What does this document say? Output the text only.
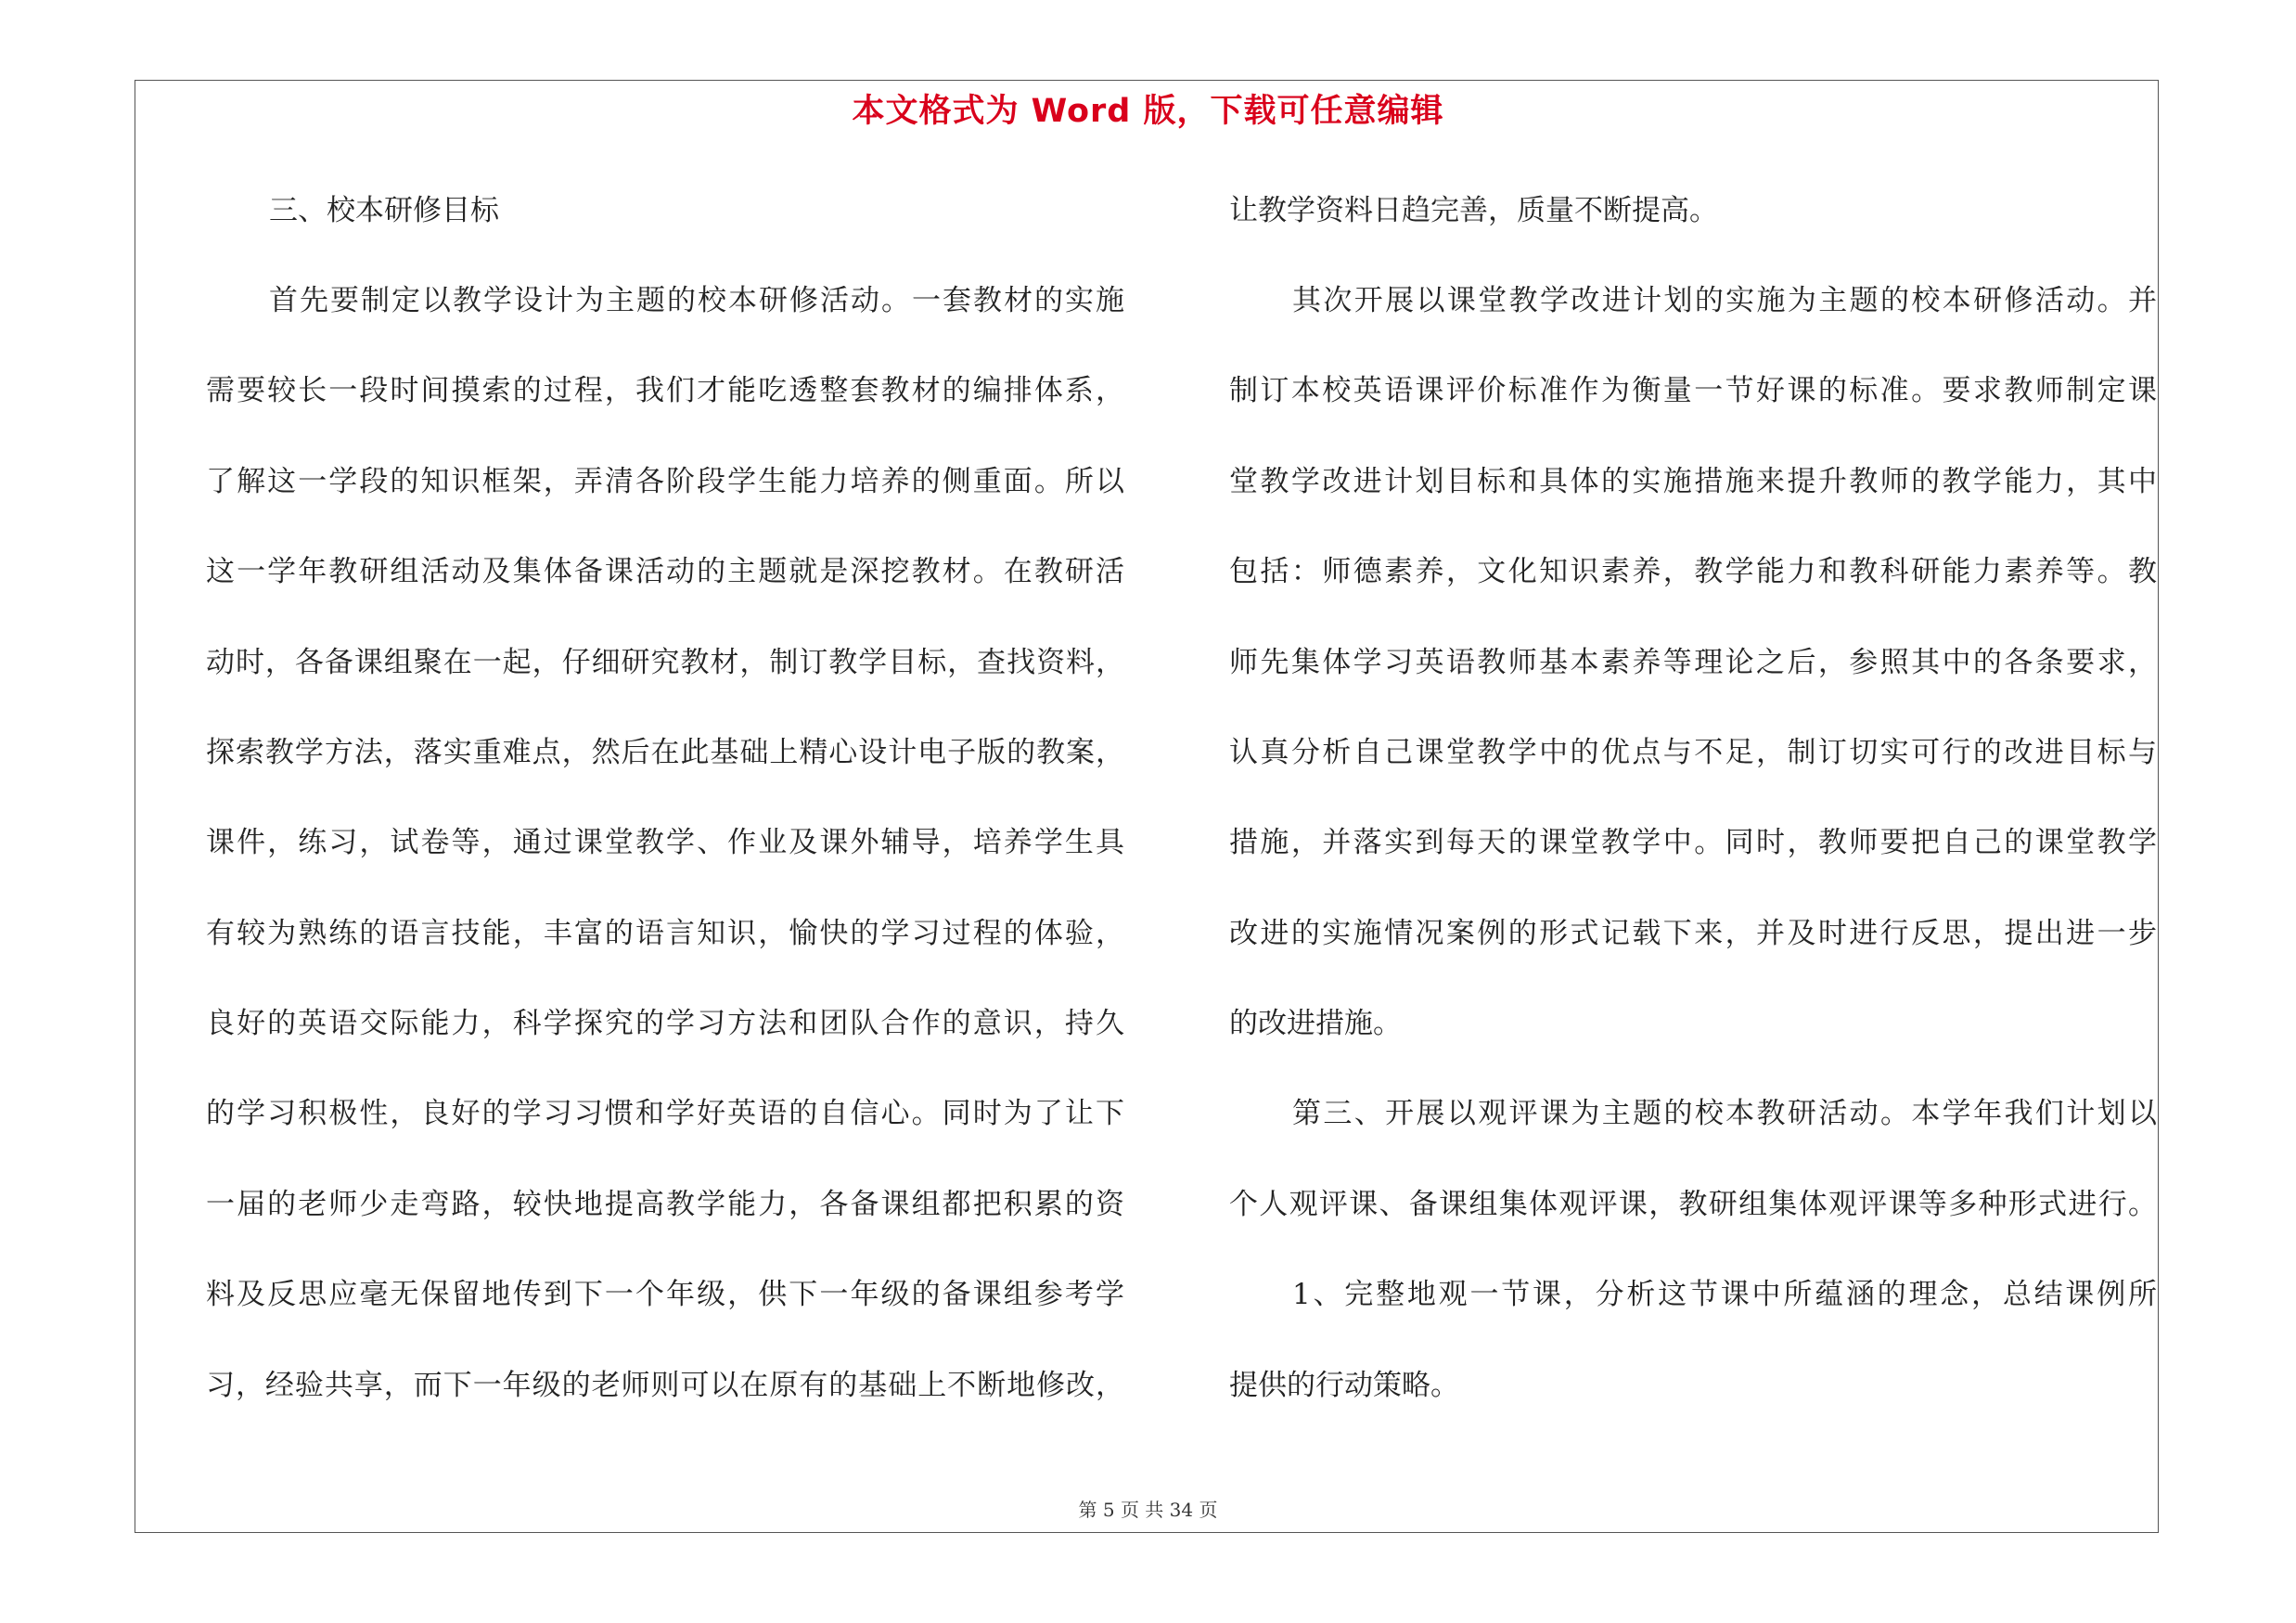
本文格式为 Word 版，下载可任意编辑
三、校本研修目标
首先要制定以教学设计为主题的校本研修活动。一套教材的实施
需要较长一段时间摸索的过程，我们才能吃透整套教材的编排体系，
了解这一学段的知识框架，弄清各阶段学生能力培养的侧重面。所以
这一学年教研组活动及集体备课活动的主题就是深挖教材。在教研活
动时，各备课组聚在一起，仔细研究教材，制订教学目标，查找资料，
探索教学方法，落实重难点，然后在此基础上精心设计电子版的教案，
课件，练习，试卷等，通过课堂教学、作业及课外辅导，培养学生具
有较为熟练的语言技能，丰富的语言知识，愉快的学习过程的体验，
良好的英语交际能力，科学探究的学习方法和团队合作的意识，持久
的学习积极性，良好的学习习惯和学好英语的自信心。同时为了让下
一届的老师少走弯路，较快地提高教学能力，各备课组都把积累的资
料及反思应毫无保留地传到下一个年级，供下一年级的备课组参考学
习，经验共享，而下一年级的老师则可以在原有的基础上不断地修改，
让教学资料日趋完善，质量不断提高。
其次开展以课堂教学改进计划的实施为主题的校本研修活动。并
制订本校英语课评价标准作为衡量一节好课的标准。要求教师制定课
堂教学改进计划目标和具体的实施措施来提升教师的教学能力，其中
包括：师德素养，文化知识素养，教学能力和教科研能力素养等。教
师先集体学习英语教师基本素养等理论之后，参照其中的各条要求，
认真分析自己课堂教学中的优点与不足，制订切实可行的改进目标与
措施，并落实到每天的课堂教学中。同时，教师要把自己的课堂教学
改进的实施情况案例的形式记载下来，并及时进行反思，提出进一步
的改进措施。
第三、开展以观评课为主题的校本教研活动。本学年我们计划以
个人观评课、备课组集体观评课，教研组集体观评课等多种形式进行。
1、完整地观一节课，分析这节课中所蕴涵的理念，总结课例所
提供的行动策略。
第 5 页 共 34 页
